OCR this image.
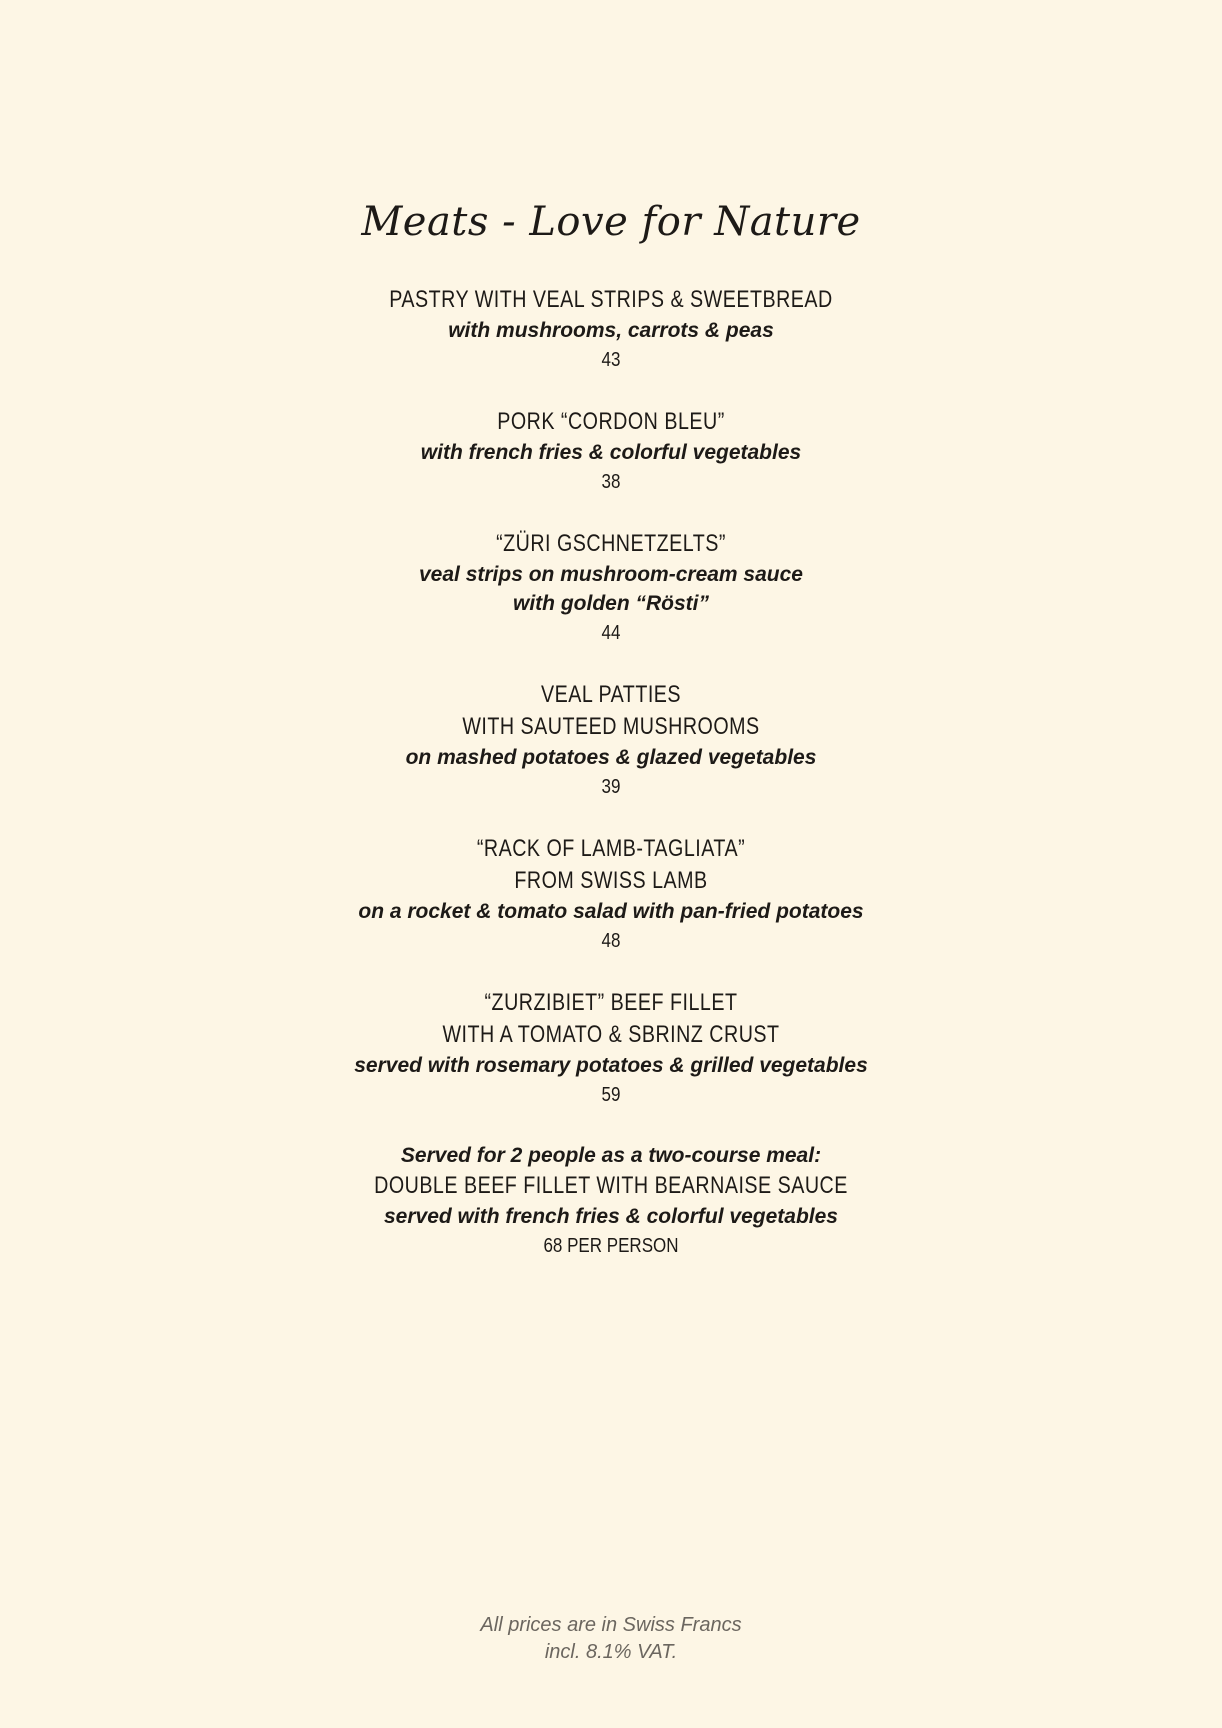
Meats - Love for Nature
PASTRY WITH VEAL STRIPS & SWEETBREAD
with mushrooms, carrots & peas
43
PORK “CORDON BLEU”
with french fries & colorful vegetables
38
“ZÜRI GSCHNETZELTS”
veal strips on mushroom-cream sauce
with golden “Rösti”
44
VEAL PATTIES
WITH SAUTEED MUSHROOMS
on mashed potatoes & glazed vegetables
39
“RACK OF LAMB-TAGLIATA”
FROM SWISS LAMB
on a rocket & tomato salad with pan-fried potatoes
48
“ZURZIBIET” BEEF FILLET
WITH A TOMATO & SBRINZ CRUST
served with rosemary potatoes & grilled vegetables
59
Served for 2 people as a two-course meal:
DOUBLE BEEF FILLET WITH BEARNAISE SAUCE
served with french fries & colorful vegetables
68 PER PERSON
All prices are in Swiss Francs
incl. 8.1% VAT.
